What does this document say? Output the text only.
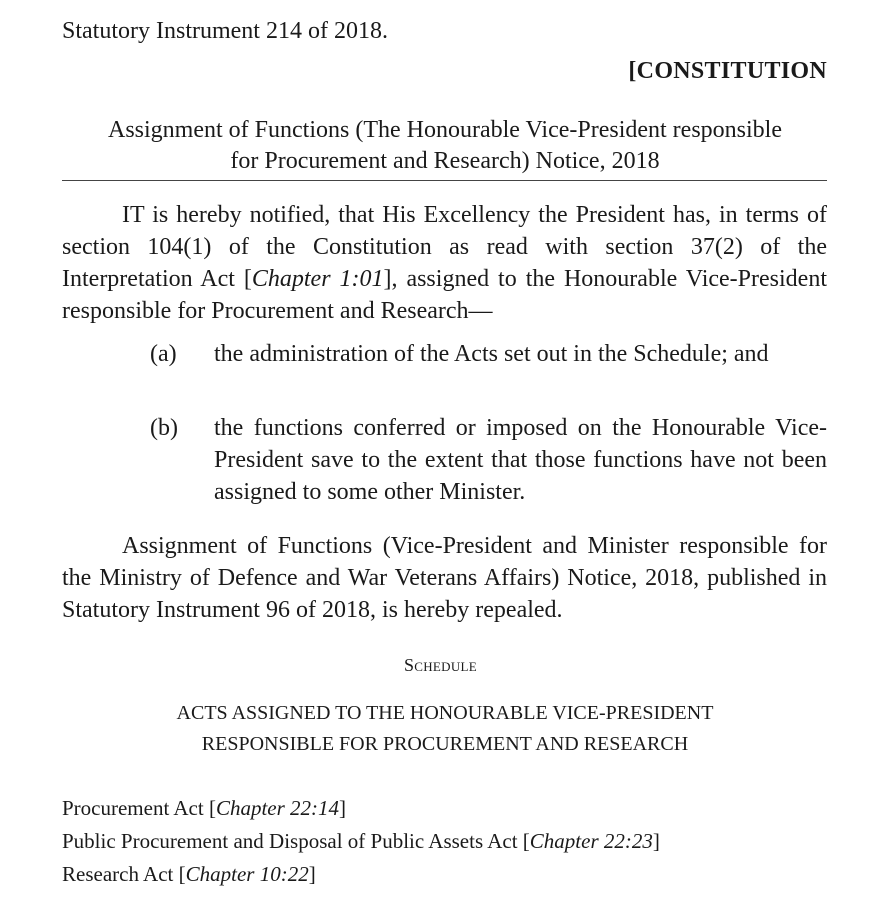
Statutory Instrument 214 of 2018.
[CONSTITUTION
Assignment of Functions (The Honourable Vice-President responsible
for Procurement and Research) Notice, 2018
IT is hereby notified, that His Excellency the President has, in terms of section 104(1) of the Constitution as read with section 37(2) of the Interpretation Act [Chapter 1:01], assigned to the Honourable Vice-President responsible for Procurement and Research—
(a) the administration of the Acts set out in the Schedule; and
(b) the functions conferred or imposed on the Honourable Vice-President save to the extent that those functions have not been assigned to some other Minister.
Assignment of Functions (Vice-President and Minister responsible for the Ministry of Defence and War Veterans Affairs) Notice, 2018, published in Statutory Instrument 96 of 2018, is hereby repealed.
Schedule
ACTS ASSIGNED TO THE HONOURABLE VICE-PRESIDENT
RESPONSIBLE FOR PROCUREMENT AND RESEARCH
Procurement Act [Chapter 22:14]
Public Procurement and Disposal of Public Assets Act [Chapter 22:23]
Research Act [Chapter 10:22]
